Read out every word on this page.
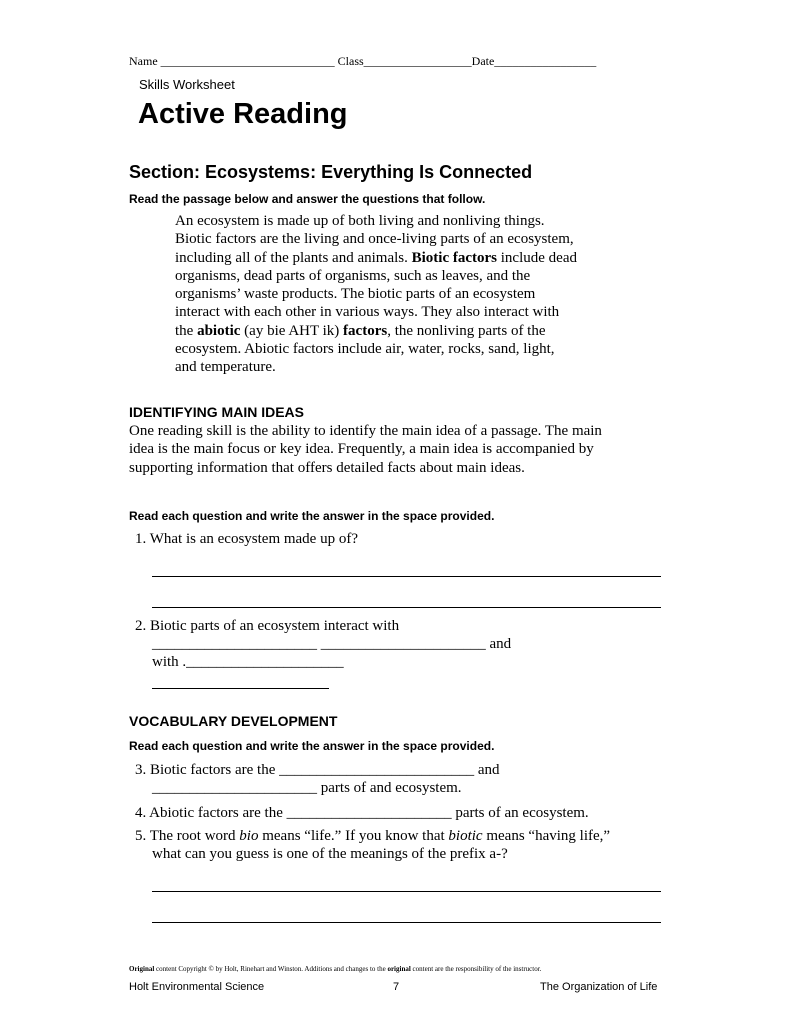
Name _____________________________ Class__________________Date_________________
Skills Worksheet
Active Reading
Section: Ecosystems: Everything Is Connected
Read the passage below and answer the questions that follow.
An ecosystem is made up of both living and nonliving things.
Biotic factors are the living and once-living parts of an ecosystem,
including all of the plants and animals. Biotic factors include dead
organisms, dead parts of organisms, such as leaves, and the
organisms’ waste products. The biotic parts of an ecosystem
interact with each other in various ways. They also interact with
the abiotic (ay bie AHT ik) factors, the nonliving parts of the
ecosystem. Abiotic factors include air, water, rocks, sand, light,
and temperature.
IDENTIFYING MAIN IDEAS
One reading skill is the ability to identify the main idea of a passage. The main
idea is the main focus or key idea. Frequently, a main idea is accompanied by
supporting information that offers detailed facts about main ideas.
Read each question and write the answer in the space provided.
1. What is an ecosystem made up of?
2. Biotic parts of an ecosystem interact with
______________________ ______________________ and
with ._____________________
VOCABULARY DEVELOPMENT
Read each question and write the answer in the space provided.
3. Biotic factors are the __________________________ and
______________________ parts of and ecosystem.
4. Abiotic factors are the ______________________ parts of an ecosystem.
5. The root word bio means “life.” If you know that biotic means “having life,”
what can you guess is one of the meanings of the prefix a-?
Original content Copyright © by Holt, Rinehart and Winston. Additions and changes to the original content are the responsibility of the instructor.
Holt Environmental Science	7	The Organization of Life
